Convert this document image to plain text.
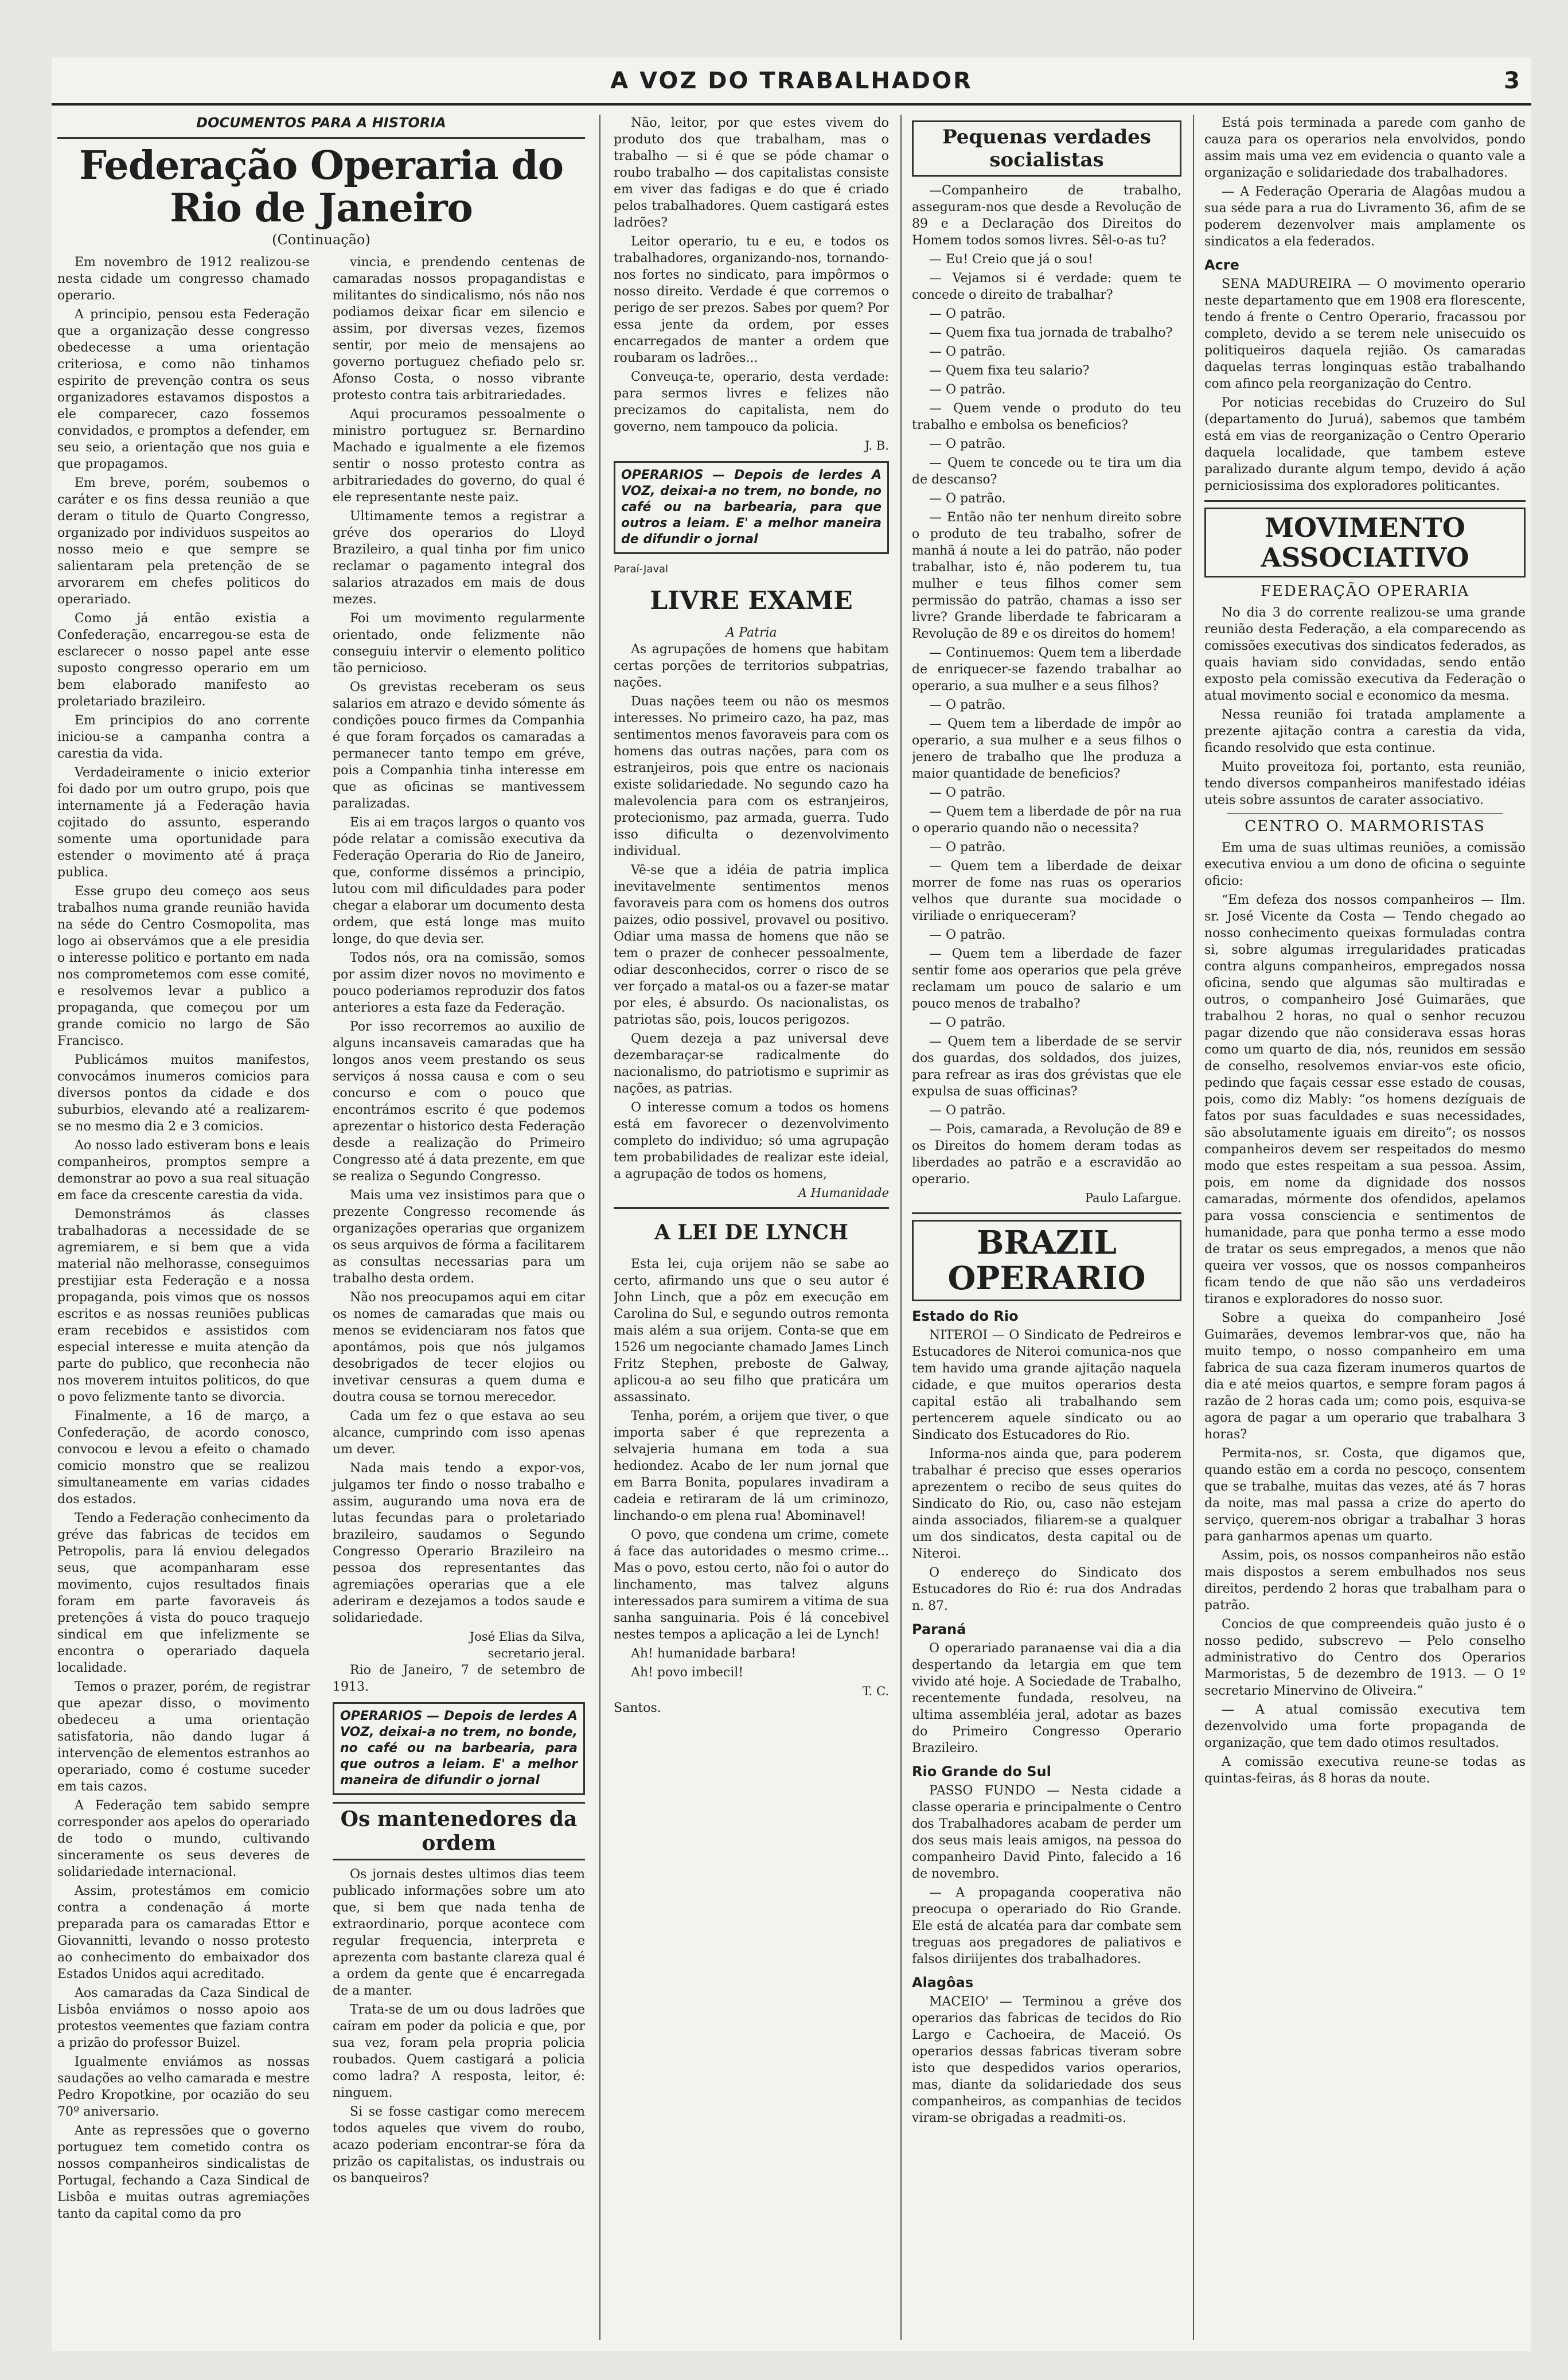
A VOZ DO TRABALHADOR	3
DOCUMENTOS PARA A HISTORIA
Federação Operaria do Rio de Janeiro
(Continuação)

Em novembro de 1912 realizou-se nesta cidade um congresso chamado operario.

A principio, pensou esta Federação que a organização desse congresso obedecesse a uma orientação criteriosa, e como não tinhamos espirito de prevenção contra os seus organizadores estavamos dispostos a ele comparecer, cazo fossemos convidados, e promptos a defender, em seu seio, a orientação que nos guia e que propagamos.

Em breve, porém, soubemos o caráter e os fins dessa reunião a que deram o titulo de Quarto Congresso, organizado por individuos suspeitos ao nosso meio e que sempre se salientaram pela pretenção de se arvorarem em chefes politicos do operariado.

Como já então existia a Confederação, encarregou-se esta de esclarecer o nosso papel ante esse suposto congresso operario em um bem elaborado manifesto ao proletariado brazileiro.

Em principios do ano corrente iniciou-se a campanha contra a carestia da vida.

Verdadeiramente o inicio exterior foi dado por um outro grupo, pois que internamente já a Federação havia cojitado do assunto, esperando somente uma oportunidade para estender o movimento até á praça publica.

Esse grupo deu começo aos seus trabalhos numa grande reunião havida na séde do Centro Cosmopolita, mas logo ai observámos que a ele presidia o interesse politico e portanto em nada nos comprometemos com esse comité, e resolvemos levar a publico a propaganda, que começou por um grande comicio no largo de São Francisco.

Publicámos muitos manifestos, convocámos inumeros comicios para diversos pontos da cidade e dos suburbios, elevando até a realizarem-se no mesmo dia 2 e 3 comicios.

Ao nosso lado estiveram bons e leais companheiros, promptos sempre a demonstrar ao povo a sua real situação em face da crescente carestia da vida.

Demonstrámos ás classes trabalhadoras a necessidade de se agremiarem, e si bem que a vida material não melhorasse, conseguimos prestijiar esta Federação e a nossa propaganda, pois vimos que os nossos escritos e as nossas reuniões publicas eram recebidos e assistidos com especial interesse e muita atenção da parte do publico, que reconhecia não nos moverem intuitos politicos, do que o povo felizmente tanto se divorcia.

Finalmente, a 16 de março, a Confederação, de acordo conosco, convocou e levou a efeito o chamado comicio monstro que se realizou simultaneamente em varias cidades dos estados.

Tendo a Federação conhecimento da gréve das fabricas de tecidos em Petropolis, para lá enviou delegados seus, que acompanharam esse movimento, cujos resultados finais foram em parte favoraveis ás pretenções á vista do pouco traquejo sindical em que infelizmente se encontra o operariado daquela localidade.

Temos o prazer, porém, de registrar que apezar disso, o movimento obedeceu a uma orientação satisfatoria, não dando lugar á intervenção de elementos estranhos ao operariado, como é costume suceder em tais cazos.

A Federação tem sabido sempre corresponder aos apelos do operariado de todo o mundo, cultivando sinceramente os seus deveres de solidariedade internacional.

Assim, protestámos em comicio contra a condenação á morte preparada para os camaradas Ettor e Giovannitti, levando o nosso protesto ao conhecimento do embaixador dos Estados Unidos aqui acreditado.

Aos camaradas da Caza Sindical de Lisbôa enviámos o nosso apoio aos protestos veementes que faziam contra a prizão do professor Buizel.

Igualmente enviámos as nossas saudações ao velho camarada e mestre Pedro Kropotkine, por ocazião do seu 70º aniversario.

Ante as repressões que o governo portuguez tem cometido contra os nossos companheiros sindicalistas de Portugal, fechando a Caza Sindical de Lisbôa e muitas outras agremiações tanto da capital como da pro

vincia, e prendendo centenas de camaradas nossos propagandistas e militantes do sindicalismo, nós não nos podiamos deixar ficar em silencio e assim, por diversas vezes, fizemos sentir, por meio de mensajens ao governo portuguez chefiado pelo sr. Afonso Costa, o nosso vibrante protesto contra tais arbitrariedades.

Aqui procuramos pessoalmente o ministro portuguez sr. Bernardino Machado e igualmente a ele fizemos sentir o nosso protesto contra as arbitrariedades do governo, do qual é ele representante neste paiz.

Ultimamente temos a registrar a gréve dos operarios do Lloyd Brazileiro, a qual tinha por fim unico reclamar o pagamento integral dos salarios atrazados em mais de dous mezes.

Foi um movimento regularmente orientado, onde felizmente não conseguiu intervir o elemento politico tão pernicioso.

Os grevistas receberam os seus salarios em atrazo e devido sómente ás condições pouco firmes da Companhia é que foram forçados os camaradas a permanecer tanto tempo em gréve, pois a Companhia tinha interesse em que as oficinas se mantivessem paralizadas.

Eis ai em traços largos o quanto vos póde relatar a comissão executiva da Federação Operaria do Rio de Janeiro, que, conforme dissémos a principio, lutou com mil dificuldades para poder chegar a elaborar um documento desta ordem, que está longe mas muito longe, do que devia ser.

Todos nós, ora na comissão, somos por assim dizer novos no movimento e pouco poderiamos reproduzir dos fatos anteriores a esta faze da Federação.

Por isso recorremos ao auxilio de alguns incansaveis camaradas que ha longos anos veem prestando os seus serviços á nossa causa e com o seu concurso e com o pouco que encontrámos escrito é que podemos aprezentar o historico desta Federação desde a realização do Primeiro Congresso até á data prezente, em que se realiza o Segundo Congresso.

Mais uma vez insistimos para que o prezente Congresso recomende ás organizações operarias que organizem os seus arquivos de fórma a facilitarem as consultas necessarias para um trabalho desta ordem.

Não nos preocupamos aqui em citar os nomes de camaradas que mais ou menos se evidenciaram nos fatos que apontámos, pois que nós julgamos desobrigados de tecer elojios ou invetivar censuras a quem duma e doutra cousa se tornou merecedor.

Cada um fez o que estava ao seu alcance, cumprindo com isso apenas um dever.

Nada mais tendo a expor-vos, julgamos ter findo o nosso trabalho e assim, augurando uma nova era de lutas fecundas para o proletariado brazileiro, saudamos o Segundo Congresso Operario Brazileiro na pessoa dos representantes das agremiações operarias que a ele aderiram e dezejamos a todos saude e solidariedade.

José Elias da Silva,
secretario jeral.

Rio de Janeiro, 7 de setembro de 1913.

OPERARIOS — Depois de lerdes A VOZ, deixai-a no trem, no bonde, no café ou na barbearia, para que outros a leiam. E' a melhor maneira de difundir o jornal
Os mantenedores da ordem

Os jornais destes ultimos dias teem publicado informações sobre um ato que, si bem que nada tenha de extraordinario, porque acontece com regular frequencia, interpreta e aprezenta com bastante clareza qual é a ordem da gente que é encarregada de a manter.

Trata-se de um ou dous ladrões que caíram em poder da policia e que, por sua vez, foram pela propria policia roubados. Quem castigará a policia como ladra? A resposta, leitor, é: ninguem.

Si se fosse castigar como merecem todos aqueles que vivem do roubo, acazo poderiam encontrar-se fóra da prizão os capitalistas, os industrais ou os banqueiros?

Não, leitor, por que estes vivem do produto dos que trabalham, mas o trabalho — si é que se póde chamar o roubo trabalho — dos capitalistas consiste em viver das fadigas e do que é criado pelos trabalhadores. Quem castigará estes ladrões?

Leitor operario, tu e eu, e todos os trabalhadores, organizando-nos, tornando-nos fortes no sindicato, para impôrmos o nosso direito. Verdade é que corremos o perigo de ser prezos. Sabes por quem? Por essa jente da ordem, por esses encarregados de manter a ordem que roubaram os ladrões...

Conveuça-te, operario, desta verdade: para sermos livres e felizes não precizamos do capitalista, nem do governo, nem tampouco da policia.

J. B.
OPERARIOS — Depois de lerdes A VOZ, deixai-a no trem, no bonde, no café ou na barbearia, para que outros a leiam. E' a melhor maneira de difundir o jornal
Paraí-Javal
LIVRE EXAME
A Patria

As agrupações de homens que habitam certas porções de territorios subpatrias, nações.

Duas nações teem ou não os mesmos interesses. No primeiro cazo, ha paz, mas sentimentos menos favoraveis para com os homens das outras nações, para com os estranjeiros, pois que entre os nacionais existe solidariedade. No segundo cazo ha malevolencia para com os estranjeiros, protecionismo, paz armada, guerra. Tudo isso dificulta o dezenvolvimento individual.

Vê-se que a idéia de patria implica inevitavelmente sentimentos menos favoraveis para com os homens dos outros paizes, odio possivel, provavel ou positivo. Odiar uma massa de homens que não se tem o prazer de conhecer pessoalmente, odiar desconhecidos, correr o risco de se ver forçado a matal-os ou a fazer-se matar por eles, é absurdo. Os nacionalistas, os patriotas são, pois, loucos perigozos.

Quem dezeja a paz universal deve dezembaraçar-se radicalmente do nacionalismo, do patriotismo e suprimir as nações, as patrias.

O interesse comum a todos os homens está em favorecer o dezenvolvimento completo do individuo; só uma agrupação tem probabilidades de realizar este ideial, a agrupação de todos os homens,

A Humanidade
A LEI DE LYNCH

Esta lei, cuja orijem não se sabe ao certo, afirmando uns que o seu autor é John Linch, que a pôz em execução em Carolina do Sul, e segundo outros remonta mais além a sua orijem. Conta-se que em 1526 um negociante chamado James Linch Fritz Stephen, preboste de Galway, aplicou-a ao seu filho que praticára um assassinato.

Tenha, porém, a orijem que tiver, o que importa saber é que reprezenta a selvajeria humana em toda a sua hediondez. Acabo de ler num jornal que em Barra Bonita, populares invadiram a cadeia e retiraram de lá um criminozo, linchando-o em plena rua! Abominavel!

O povo, que condena um crime, comete á face das autoridades o mesmo crime... Mas o povo, estou certo, não foi o autor do linchamento, mas talvez alguns interessados para sumirem a vitima de sua sanha sanguinaria. Pois é lá concebivel nestes tempos a aplicação a lei de Lynch!

Ah! humanidade barbara!

Ah! povo imbecil!

T. C.
Santos.
Pequenas verdades socialistas

—Companheiro de trabalho, asseguram-nos que desde a Revolução de 89 e a Declaração dos Direitos do Homem todos somos livres. Sêl-o-as tu?

— Eu! Creio que já o sou!

— Vejamos si é verdade: quem te concede o direito de trabalhar?

— O patrão.

— Quem fixa tua jornada de trabalho?

— O patrão.

— Quem fixa teu salario?

— O patrão.

— Quem vende o produto do teu trabalho e embolsa os beneficios?

— O patrão.

— Quem te concede ou te tira um dia de descanso?

— O patrão.

— Então não ter nenhum direito sobre o produto de teu trabalho, sofrer de manhã á noute a lei do patrão, não poder trabalhar, isto é, não poderem tu, tua mulher e teus filhos comer sem permissão do patrão, chamas a isso ser livre? Grande liberdade te fabricaram a Revolução de 89 e os direitos do homem!

— Continuemos: Quem tem a liberdade de enriquecer-se fazendo trabalhar ao operario, a sua mulher e a seus filhos?

— O patrão.

— Quem tem a liberdade de impôr ao operario, a sua mulher e a seus filhos o jenero de trabalho que lhe produza a maior quantidade de beneficios?

— O patrão.

— Quem tem a liberdade de pôr na rua o operario quando não o necessita?

— O patrão.

— Quem tem a liberdade de deixar morrer de fome nas ruas os operarios velhos que durante sua mocidade o viriliade o enriqueceram?

— O patrão.

— Quem tem a liberdade de fazer sentir fome aos operarios que pela gréve reclamam um pouco de salario e um pouco menos de trabalho?

— O patrão.

— Quem tem a liberdade de se servir dos guardas, dos soldados, dos juizes, para refrear as iras dos grévistas que ele expulsa de suas officinas?

— O patrão.

— Pois, camarada, a Revolução de 89 e os Direitos do homem deram todas as liberdades ao patrão e a escravidão ao operario.

Paulo Lafargue.
BRAZIL OPERARIO
Estado do Rio

NITEROI — O Sindicato de Pedreiros e Estucadores de Niteroi comunica-nos que tem havido uma grande ajitação naquela cidade, e que muitos operarios desta capital estão ali trabalhando sem pertencerem aquele sindicato ou ao Sindicato dos Estucadores do Rio.

Informa-nos ainda que, para poderem trabalhar é preciso que esses operarios aprezentem o recibo de seus quites do Sindicato do Rio, ou, caso não estejam ainda associados, filiarem-se a qualquer um dos sindicatos, desta capital ou de Niteroi.

O endereço do Sindicato dos Estucadores do Rio é: rua dos Andradas n. 87.

Paraná

O operariado paranaense vai dia a dia despertando da letargia em que tem vivido até hoje. A Sociedade de Trabalho, recentemente fundada, resolveu, na ultima assembléia jeral, adotar as bazes do Primeiro Congresso Operario Brazileiro.

Rio Grande do Sul

PASSO FUNDO — Nesta cidade a classe operaria e principalmente o Centro dos Trabalhadores acabam de perder um dos seus mais leais amigos, na pessoa do companheiro David Pinto, falecido a 16 de novembro.

— A propaganda cooperativa não preocupa o operariado do Rio Grande. Ele está de alcatéa para dar combate sem treguas aos pregadores de paliativos e falsos diriijentes dos trabalhadores.

Alagôas

MACEIO' — Terminou a gréve dos operarios das fabricas de tecidos do Rio Largo e Cachoeira, de Maceió. Os operarios dessas fabricas tiveram sobre isto que despedidos varios operarios, mas, diante da solidariedade dos seus companheiros, as companhias de tecidos viram-se obrigadas a readmiti-os.

Está pois terminada a parede com ganho de cauza para os operarios nela envolvidos, pondo assim mais uma vez em evidencia o quanto vale a organização e solidariedade dos trabalhadores.

— A Federação Operaria de Alagôas mudou a sua séde para a rua do Livramento 36, afim de se poderem dezenvolver mais amplamente os sindicatos a ela federados.

Acre

SENA MADUREIRA — O movimento operario neste departamento que em 1908 era florescente, tendo á frente o Centro Operario, fracassou por completo, devido a se terem nele unisecuido os politiqueiros daquela rejião. Os camaradas daquelas terras longinquas estão trabalhando com afinco pela reorganização do Centro.

Por noticias recebidas do Cruzeiro do Sul (departamento do Juruá), sabemos que também está em vias de reorganização o Centro Operario daquela localidade, que tambem esteve paralizado durante algum tempo, devido á ação perniciosissima dos exploradores politicantes.

MOVIMENTO ASSOCIATIVO
FEDERAÇÃO OPERARIA

No dia 3 do corrente realizou-se uma grande reunião desta Federação, a ela comparecendo as comissões executivas dos sindicatos federados, as quais haviam sido convidadas, sendo então exposto pela comissão executiva da Federação o atual movimento social e economico da mesma.

Nessa reunião foi tratada amplamente a prezente ajitação contra a carestia da vida, ficando resolvido que esta continue.

Muito proveitoza foi, portanto, esta reunião, tendo diversos companheiros manifestado idéias uteis sobre assuntos de carater associativo.

CENTRO O. MARMORISTAS

Em uma de suas ultimas reuniões, a comissão executiva enviou a um dono de oficina o seguinte oficio:

“Em defeza dos nossos companheiros — Ilm. sr. José Vicente da Costa — Tendo chegado ao nosso conhecimento queixas formuladas contra si, sobre algumas irregularidades praticadas contra alguns companheiros, empregados nossa oficina, sendo que algumas são multiradas e outros, o companheiro José Guimarães, que trabalhou 2 horas, no qual o senhor recuzou pagar dizendo que não considerava essas horas como um quarto de dia, nós, reunidos em sessão de conselho, resolvemos enviar-vos este oficio, pedindo que façais cessar esse estado de cousas, pois, como diz Mably: “os homens dezíguais de fatos por suas faculdades e suas necessidades, são absolutamente iguais em direito”; os nossos companheiros devem ser respeitados do mesmo modo que estes respeitam a sua pessoa. Assim, pois, em nome da dignidade dos nossos camaradas, mórmente dos ofendidos, apelamos para vossa consciencia e sentimentos de humanidade, para que ponha termo a esse modo de tratar os seus empregados, a menos que não queira ver vossos, que os nossos companheiros ficam tendo de que não são uns verdadeiros tiranos e exploradores do nosso suor.

Sobre a queixa do companheiro José Guimarães, devemos lembrar-vos que, não ha muito tempo, o nosso companheiro em uma fabrica de sua caza fizeram inumeros quartos de dia e até meios quartos, e sempre foram pagos á razão de 2 horas cada um; como pois, esquiva-se agora de pagar a um operario que trabalhara 3 horas?

Permita-nos, sr. Costa, que digamos que, quando estão em a corda no pescoço, consentem que se trabalhe, muitas das vezes, até ás 7 horas da noite, mas mal passa a crize do aperto do serviço, querem-nos obrigar a trabalhar 3 horas para ganharmos apenas um quarto.

Assim, pois, os nossos companheiros não estão mais dispostos a serem embulhados nos seus direitos, perdendo 2 horas que trabalham para o patrão.

Concios de que compreendeis quão justo é o nosso pedido, subscrevo — Pelo conselho administrativo do Centro dos Operarios Marmoristas, 5 de dezembro de 1913. — O 1º secretario Minervino de Oliveira.”

— A atual comissão executiva tem dezenvolvido uma forte propaganda de organização, que tem dado otimos resultados.

A comissão executiva reune-se todas as quintas-feiras, ás 8 horas da noute.
